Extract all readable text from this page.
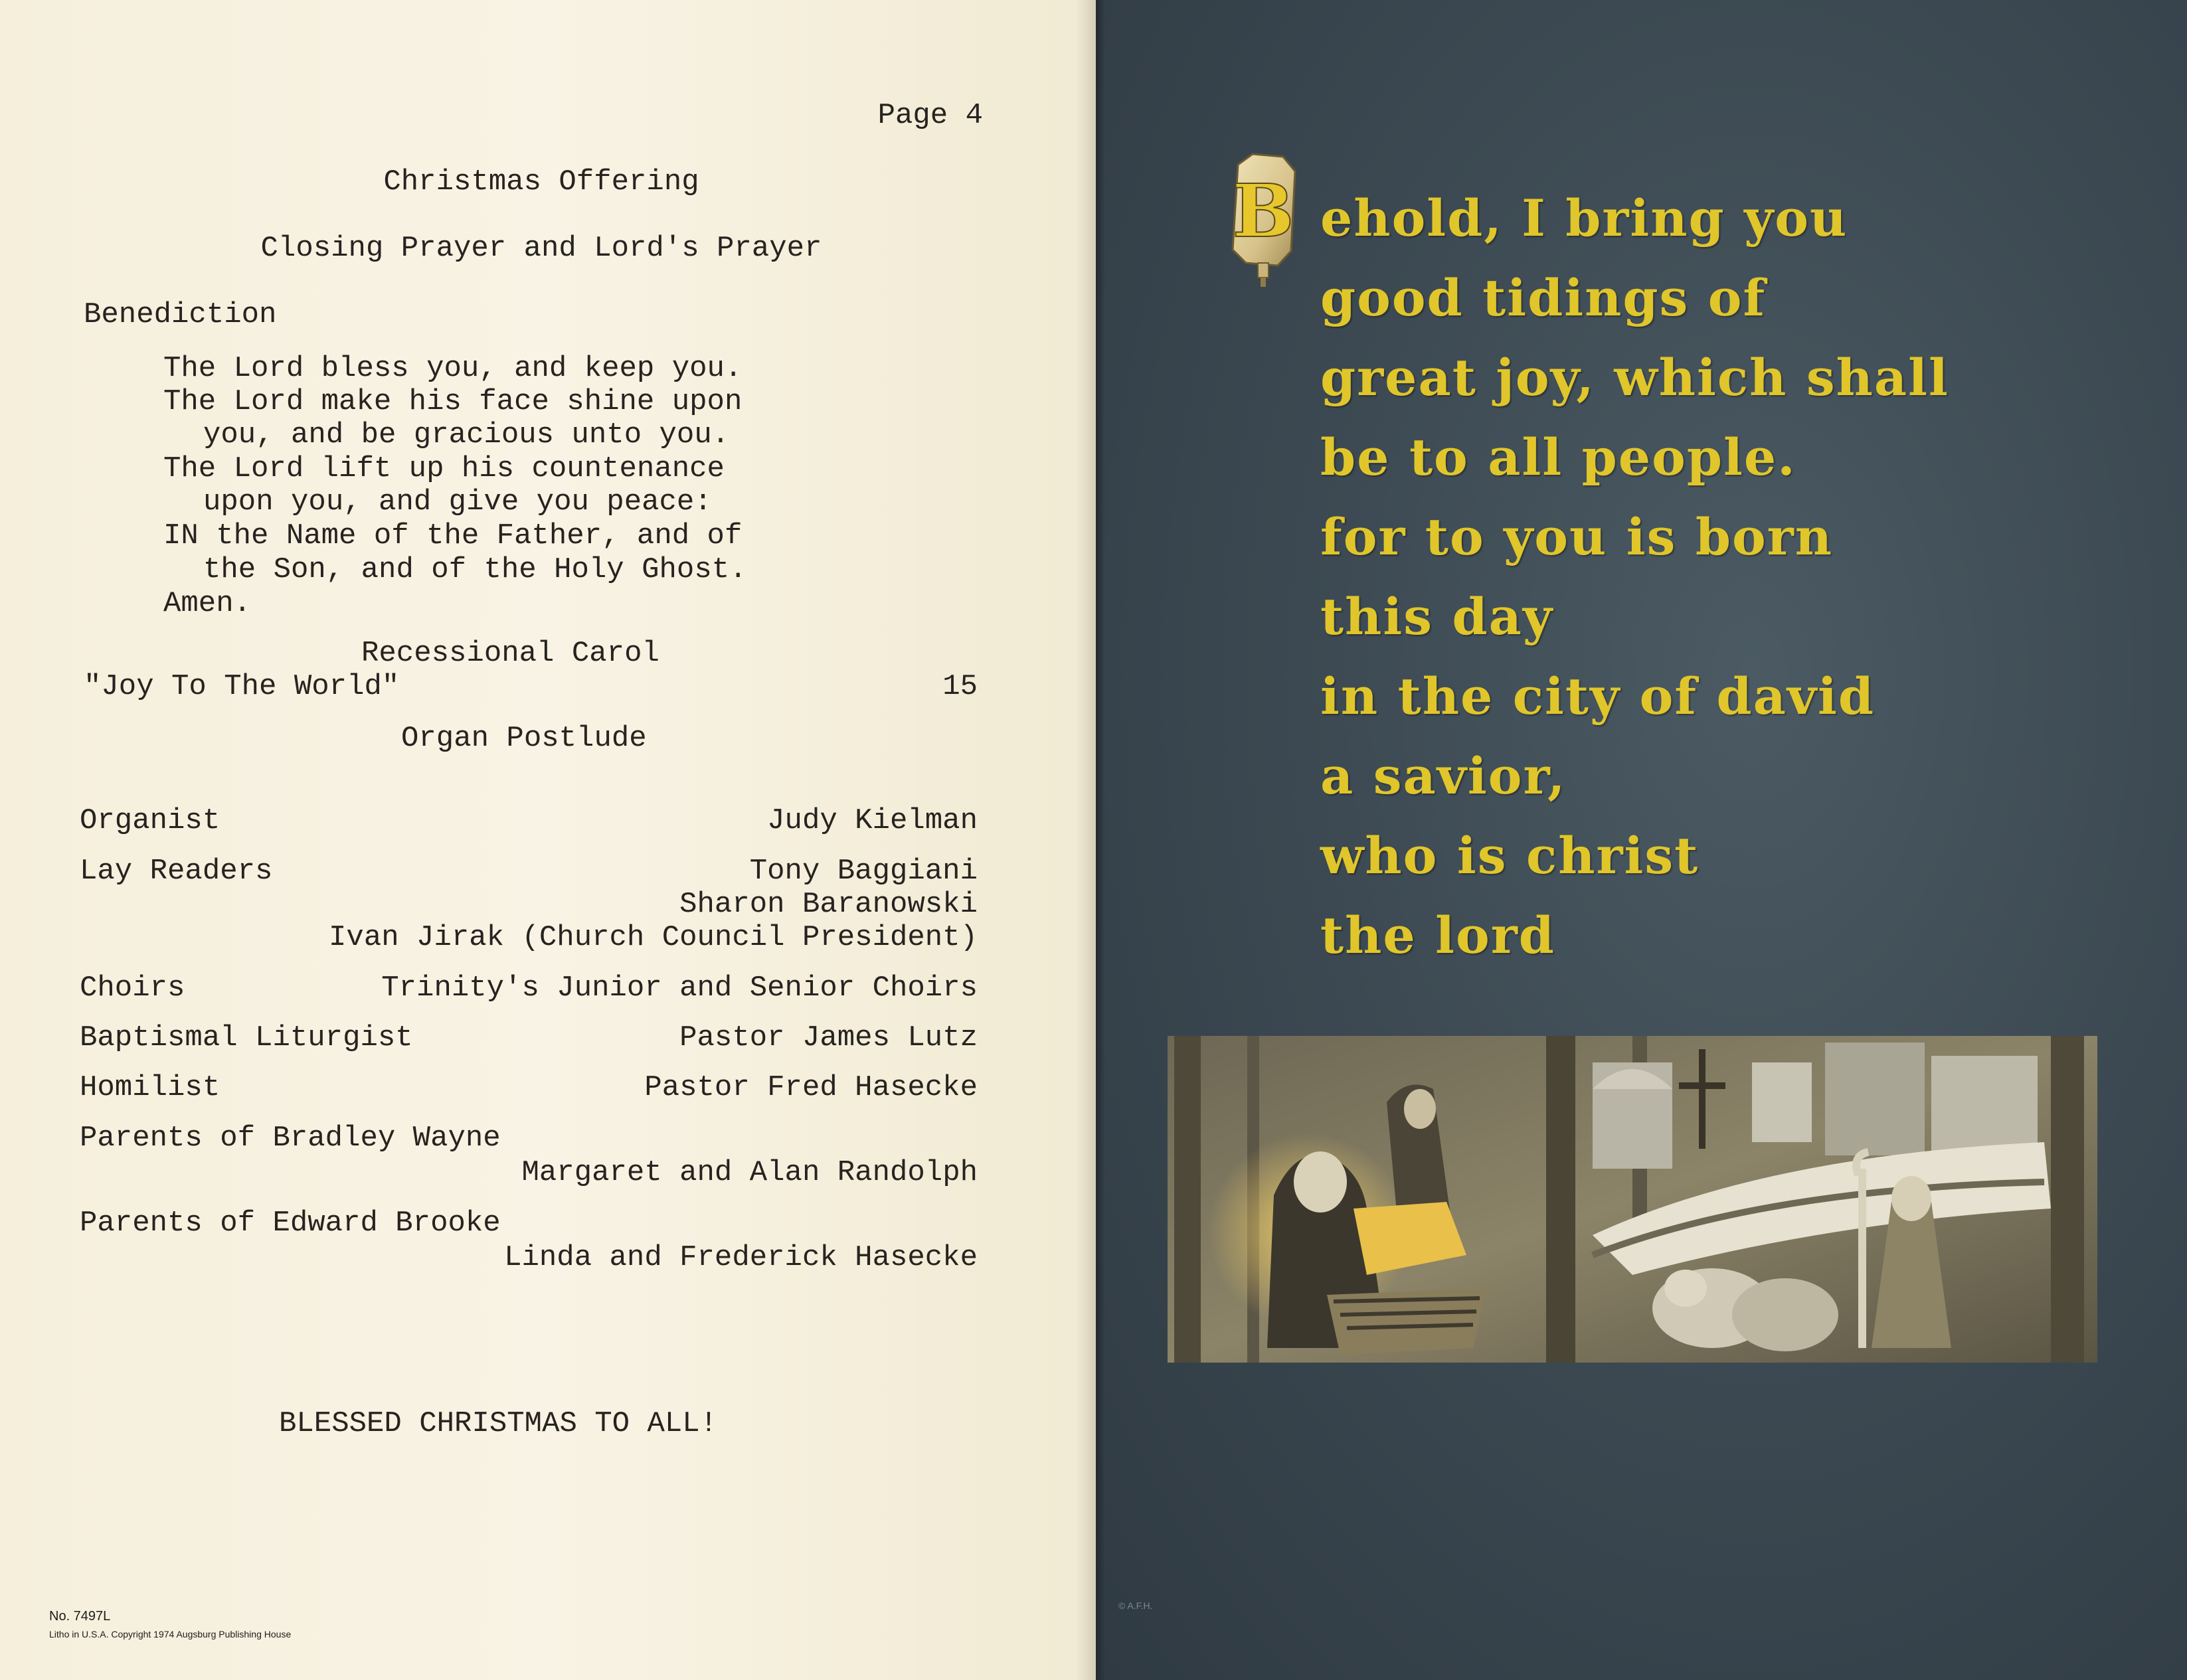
Page 4
Christmas Offering
Closing Prayer and Lord's Prayer
Benediction
The Lord bless you, and keep you.
The Lord make his face shine upon
you, and be gracious unto you.
The Lord lift up his countenance
upon you, and give you peace:
IN the Name of the Father, and of
the Son, and of the Holy Ghost.
Amen.
Recessional Carol
"Joy To The World"	15
Organ Postlude
Organist	Judy Kielman
Lay Readers	Tony Baggiani
Sharon Baranowski
Ivan Jirak (Church Council President)
Choirs	Trinity's Junior and Senior Choirs
Baptismal Liturgist	Pastor James Lutz
Homilist	Pastor Fred Hasecke
Parents of Bradley Wayne
Margaret and Alan Randolph
Parents of Edward Brooke
Linda and Frederick Hasecke
BLESSED CHRISTMAS TO ALL!
No. 7497L
Litho in U.S.A. Copyright 1974 Augsburg Publishing House
B ehold, I bring you
good tidings of
great joy, which shall
be to all people.
for to you is born
this day
in the city of david
a savior,
who is christ
the lord
© A.F.H.
